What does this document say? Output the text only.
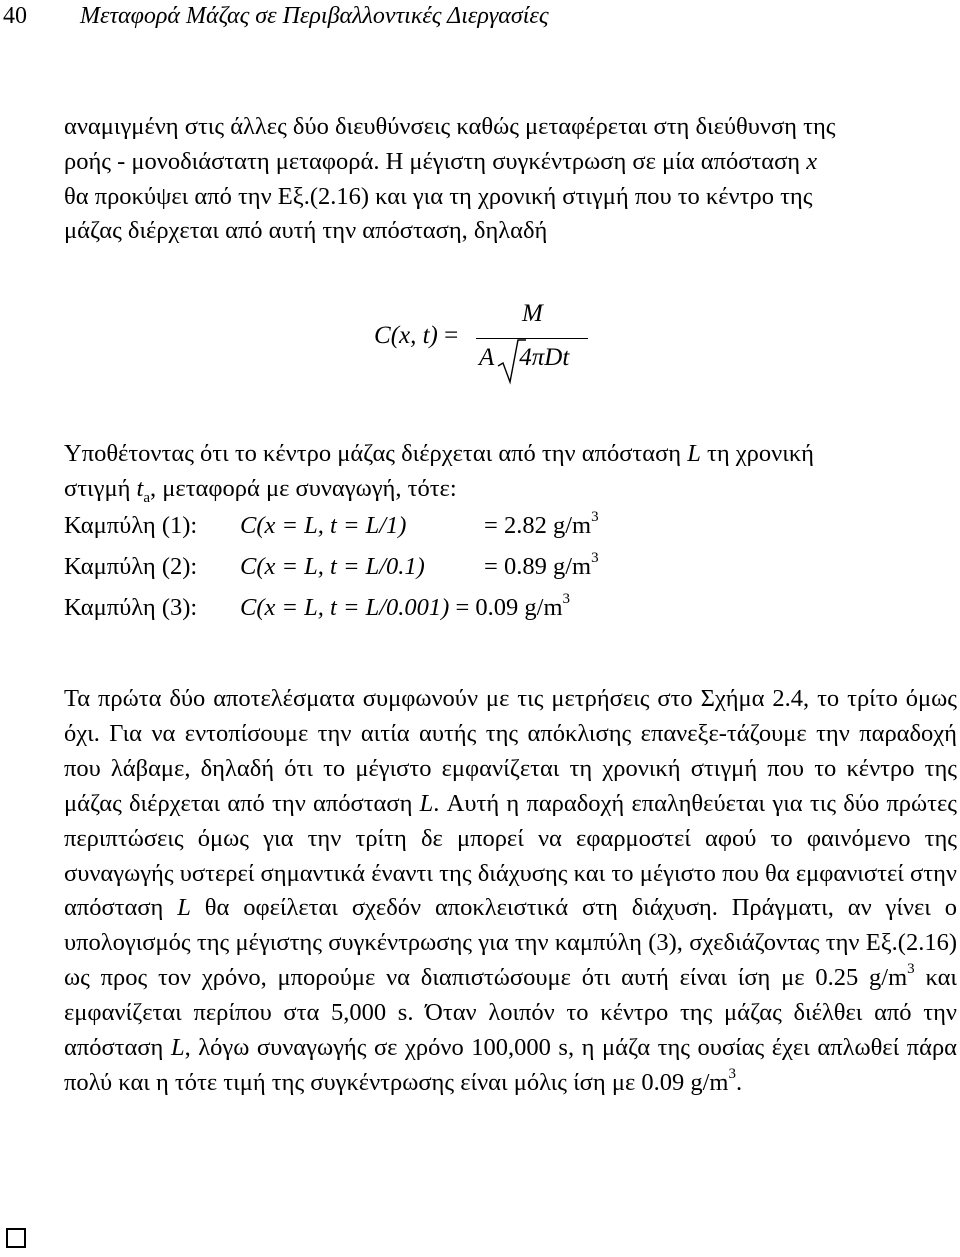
40 Μεταφορά Μάζας σε Περιβαλλοντικές Διεργασίες
αναμιγμένη στις άλλες δύο διευθύνσεις καθώς μεταφέρεται στη διεύθυνση της
ροής - μονοδιάστατη μεταφορά. Η μέγιστη συγκέντρωση σε μία απόσταση x
θα προκύψει από την Εξ.(2.16) και για τη χρονική στιγμή που το κέντρο της
μάζας διέρχεται από αυτή την απόσταση, δηλαδή
C(x, t) =
M
A 4πDt
Υποθέτοντας ότι το κέντρο μάζας διέρχεται από την απόσταση L τη χρονική
στιγμή $t_a$, μεταφορά με συναγωγή, τότε:
Καμπύλη (1): C(x = L, t = L/1)	= 2.82 $g/m^3$
Καμπύλη (2): C(x = L, t = L/0.1) = 0.89 $g/m^3$
Καμπύλη (3): C(x = L, t = L/0.001) = 0.09 $g/m^3$
Τα πρώτα δύο αποτελέσματα συμφωνούν με τις μετρήσεις στο Σχήμα 2.4, το τρίτο όμως όχι. Για να εντοπίσουμε την αιτία αυτής της απόκλισης επανεξε-τάζουμε την παραδοχή που λάβαμε, δηλαδή ότι το μέγιστο εμφανίζεται τη χρονική στιγμή που το κέντρο της μάζας διέρχεται από την απόσταση L. Αυτή η παραδοχή επαληθεύεται για τις δύο πρώτες περιπτώσεις όμως για την τρίτη δε μπορεί να εφαρμοστεί αφού το φαινόμενο της συναγωγής υστερεί σημαντικά έναντι της διάχυσης και το μέγιστο που θα εμφανιστεί στην απόσταση L θα οφείλεται σχεδόν αποκλειστικά στη διάχυση. Πράγματι, αν γίνει ο υπολογισμός της μέγιστης συγκέντρωσης για την καμπύλη (3), σχεδιάζοντας την Εξ.(2.16) ως προς τον χρόνο, μπορούμε να διαπιστώσουμε ότι αυτή είναι ίση με 0.25 $g/m^3$ και εμφανίζεται περίπου στα 5,000 s. Όταν λοιπόν το κέντρο της μάζας διέλθει από την απόσταση L, λόγω συναγωγής σε χρόνο 100,000 s, η μάζα της ουσίας έχει απλωθεί πάρα πολύ και η τότε τιμή της συγκέντρωσης είναι μόλις ίση με 0.09 $g/m^3$.
